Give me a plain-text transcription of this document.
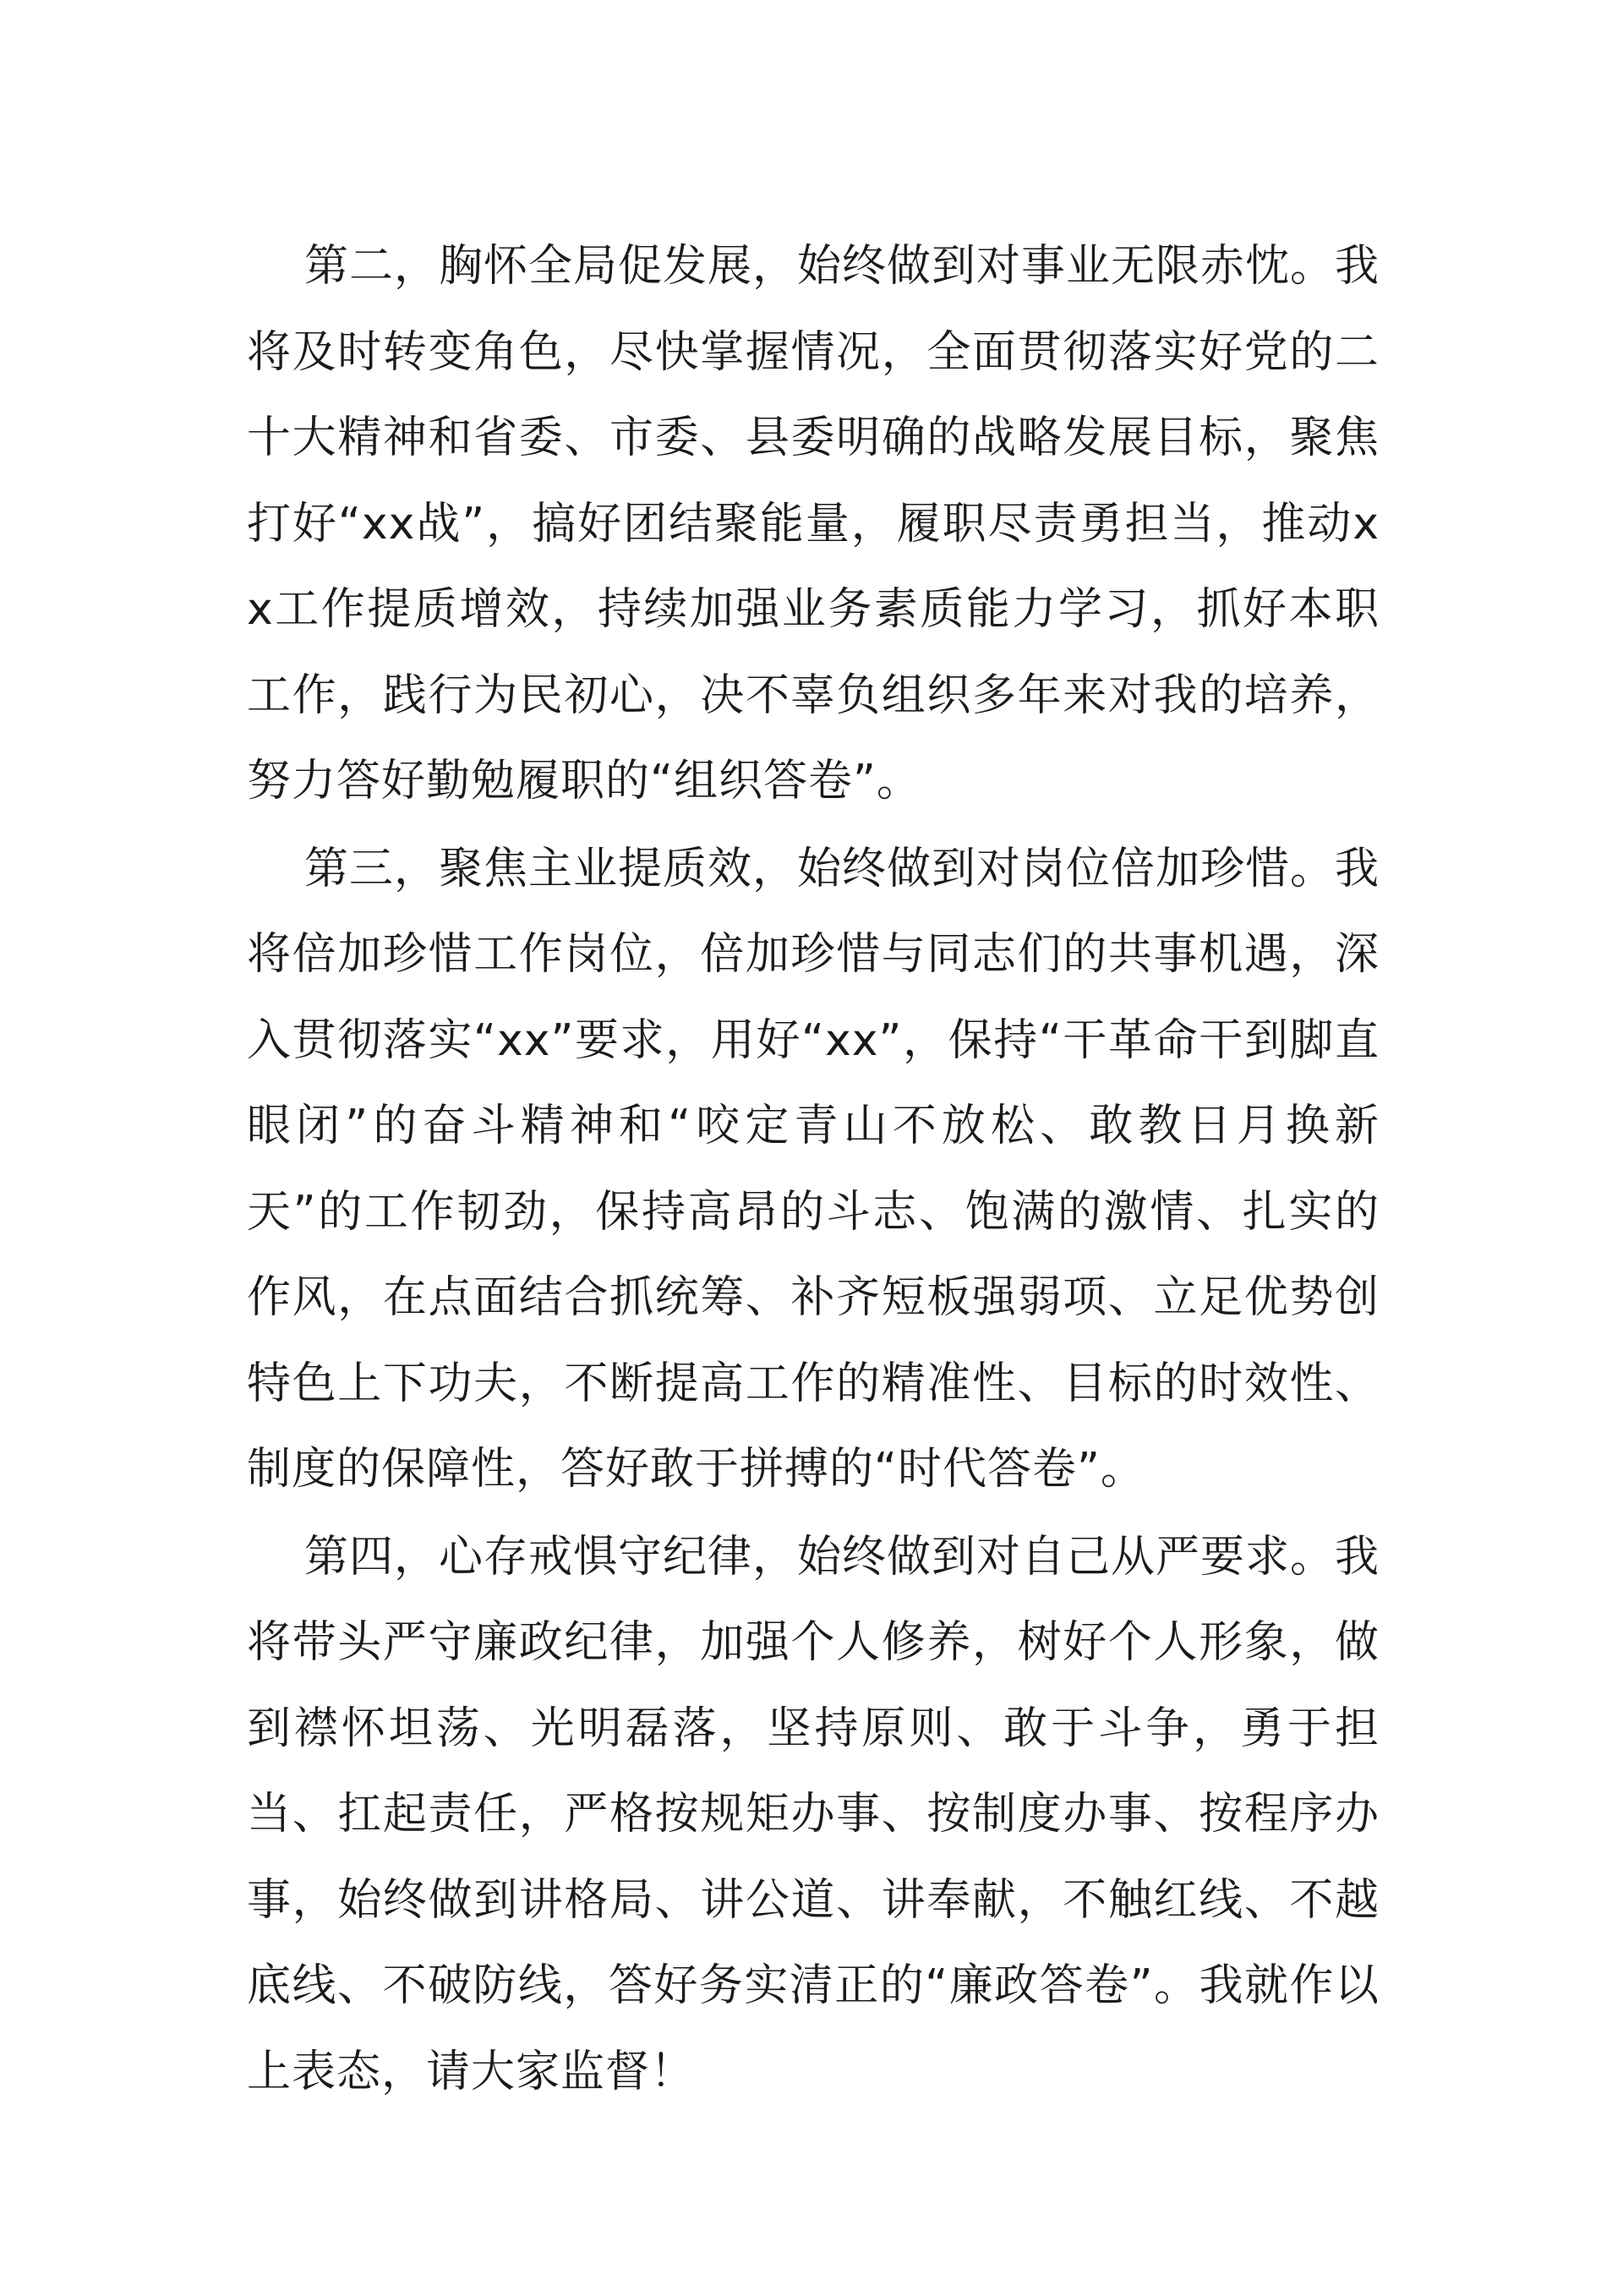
第二，胸怀全局促发展，始终做到对事业无限赤忱。我将及时转变角色，尽快掌握情况，全面贯彻落实好党的二十大精神和省委、市委、县委明确的战略发展目标，聚焦打好“xx战”，搞好团结聚能量，履职尽责勇担当，推动xx工作提质增效，持续加强业务素质能力学习，抓好本职工作，践行为民初心，决不辜负组织多年来对我的培养，努力答好勤勉履职的“组织答卷”。

第三，聚焦主业提质效，始终做到对岗位倍加珍惜。我将倍加珍惜工作岗位，倍加珍惜与同志们的共事机遇，深入贯彻落实“xx”要求，用好“xx”，保持“干革命干到脚直眼闭”的奋斗精神和“咬定青山不放松、敢教日月换新天”的工作韧劲，保持高昂的斗志、饱满的激情、扎实的作风，在点面结合抓统筹、补齐短板强弱项、立足优势创特色上下功夫，不断提高工作的精准性、目标的时效性、制度的保障性，答好敢于拼搏的“时代答卷”。

第四，心存戒惧守纪律，始终做到对自己从严要求。我将带头严守廉政纪律，加强个人修养，树好个人形象，做到襟怀坦荡、光明磊落，坚持原则、敢于斗争，勇于担当、扛起责任，严格按规矩办事、按制度办事、按程序办事，始终做到讲格局、讲公道、讲奉献，不触红线、不越底线、不破防线，答好务实清正的“廉政答卷”。我就作以上表态，请大家监督！
